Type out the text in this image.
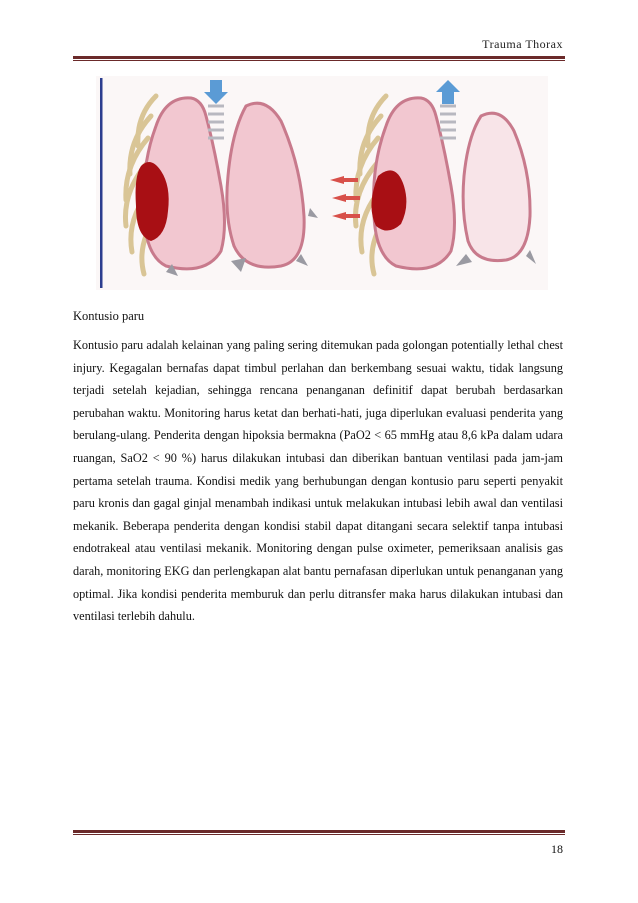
Trauma Thorax
Kontusio paru
Kontusio paru adalah kelainan yang paling sering ditemukan pada golongan potentially lethal chest injury. Kegagalan bernafas dapat timbul perlahan dan berkembang sesuai waktu, tidak langsung terjadi setelah kejadian, sehingga rencana penanganan definitif dapat berubah berdasarkan perubahan waktu. Monitoring harus ketat dan berhati-hati, juga diperlukan evaluasi penderita yang berulang-ulang. Penderita dengan hipoksia bermakna (PaO2 < 65 mmHg atau 8,6 kPa dalam udara ruangan, SaO2 < 90 %) harus dilakukan intubasi dan diberikan bantuan ventilasi pada jam-jam pertama setelah trauma. Kondisi medik yang berhubungan dengan kontusio paru seperti penyakit paru kronis dan gagal ginjal menambah indikasi untuk melakukan intubasi lebih awal dan ventilasi mekanik. Beberapa penderita dengan kondisi stabil dapat ditangani secara selektif tanpa intubasi endotrakeal atau ventilasi mekanik. Monitoring dengan pulse oximeter, pemeriksaan analisis gas darah, monitoring EKG dan perlengkapan alat bantu pernafasan diperlukan untuk penanganan yang optimal. Jika kondisi penderita memburuk dan perlu ditransfer maka harus dilakukan intubasi dan ventilasi terlebih dahulu.
18
